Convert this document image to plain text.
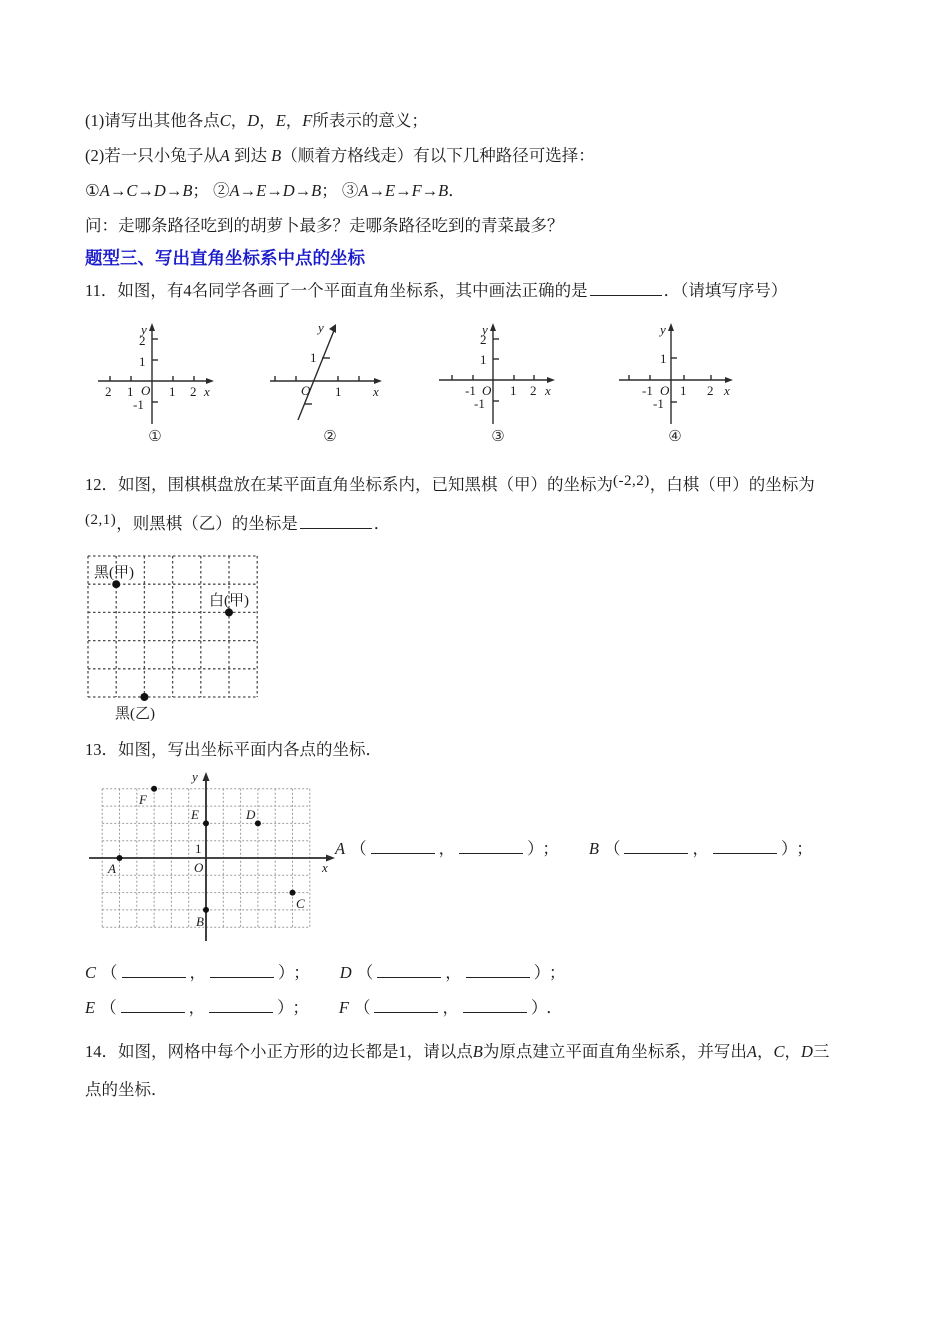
(1)请写出其他各点C，D，E，F所表示的意义；

(2)若一只小兔子从A 到达 B（顺着方格线走）有以下几种路径可选择：

①A→C→D→B； ②A→E→D→B； ③A→E→F→B．

问：走哪条路径吃到的胡萝卜最多？走哪条路径吃到的青菜最多？

题型三、写出直角坐标系中点的坐标

11．如图，有4名同学各画了一个平面直角坐标系，其中画法正确的是	．（请填写序号）

y
2
1
O
-1
2 1	1 2 x
①
y
1
O 1 x
②
y
2
1
O
-1
-1	1 2 x
③
y
1
O
-1
-1 1 2 x
④

12．如图，围棋棋盘放在某平面直角坐标系内，已知黑棋（甲）的坐标为(-2,2)，白棋（甲）的坐标为

(2,1)，则黑棋（乙）的坐标是	．

黑(甲)
白(甲)
黑(乙)

13．如图，写出坐标平面内各点的坐标．

y
x
O
1
F
E	D
A
C
B
A （	，	） ； B （	，	） ；

C （	，	） ； D （	，	） ；

E （	，	） ； F （	，	） ．

14．如图，网格中每个小正方形的边长都是1，请以点B为原点建立平面直角坐标系，并写出A，C，D三

点的坐标．
